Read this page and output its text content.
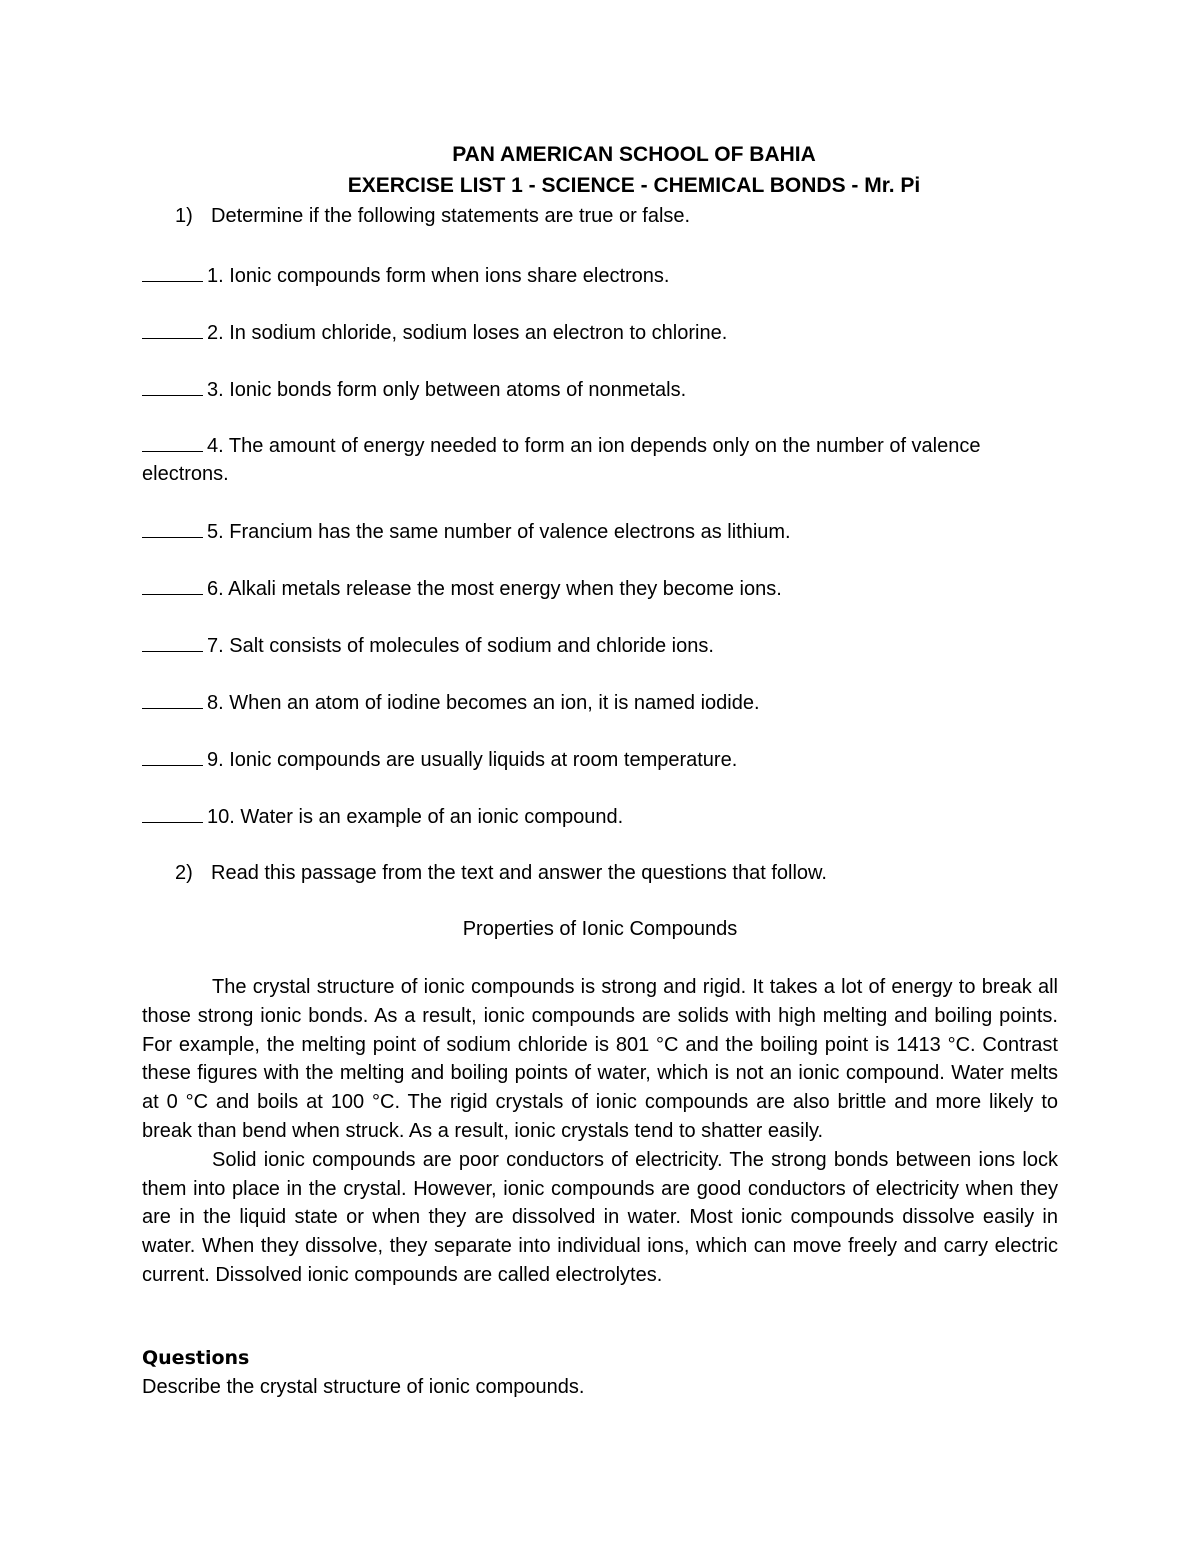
PAN AMERICAN SCHOOL OF BAHIA
EXERCISE LIST 1 - SCIENCE - CHEMICAL BONDS - Mr. Pi
1) Determine if the following statements are true or false.
1. Ionic compounds form when ions share electrons.
2. In sodium chloride, sodium loses an electron to chlorine.
3. Ionic bonds form only between atoms of nonmetals.
4. The amount of energy needed to form an ion depends only on the number of valence electrons.
5. Francium has the same number of valence electrons as lithium.
6. Alkali metals release the most energy when they become ions.
7. Salt consists of molecules of sodium and chloride ions.
8. When an atom of iodine becomes an ion, it is named iodide.
9. Ionic compounds are usually liquids at room temperature.
10. Water is an example of an ionic compound.
2) Read this passage from the text and answer the questions that follow.
Properties of Ionic Compounds

The crystal structure of ionic compounds is strong and rigid. It takes a lot of energy to break all those strong ionic bonds. As a result, ionic compounds are solids with high melting and boiling points. For example, the melting point of sodium chloride is 801 °C and the boiling point is 1413 °C. Contrast these figures with the melting and boiling points of water, which is not an ionic compound. Water melts at 0 °C and boils at 100 °C. The rigid crystals of ionic compounds are also brittle and more likely to break than bend when struck. As a result, ionic crystals tend to shatter easily.

Solid ionic compounds are poor conductors of electricity. The strong bonds between ions lock them into place in the crystal. However, ionic compounds are good conductors of electricity when they are in the liquid state or when they are dissolved in water. Most ionic compounds dissolve easily in water. When they dissolve, they separate into individual ions, which can move freely and carry electric current. Dissolved ionic compounds are called electrolytes.

Questions
Describe the crystal structure of ionic compounds.
